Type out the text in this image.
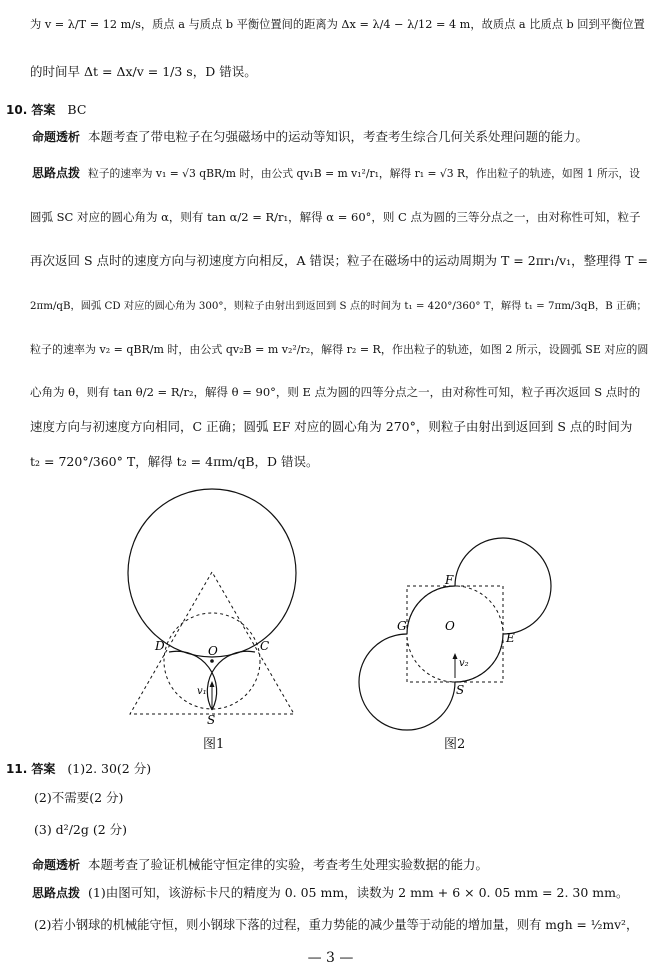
为 v = λ/T = 12 m/s，质点 a 与质点 b 平衡位置间的距离为 Δx = λ/4 − λ/12 = 4 m，故质点 a 比质点 b 回到平衡位置
的时间早 Δt = Δx/v = 1/3 s，D 错误。
10. 答案 BC
命题透析 本题考查了带电粒子在匀强磁场中的运动等知识，考查考生综合几何关系处理问题的能力。
思路点拨 粒子的速率为 v₁ = √3 qBR/m 时，由公式 qv₁B = m v₁²/r₁，解得 r₁ = √3 R，作出粒子的轨迹，如图 1 所示，设
圆弧 SC 对应的圆心角为 α，则有 tan α/2 = R/r₁，解得 α = 60°，则 C 点为圆的三等分点之一，由对称性可知，粒子
再次返回 S 点时的速度方向与初速度方向相反，A 错误；粒子在磁场中的运动周期为 T = 2πr₁/v₁，整理得 T =
2πm/qB，圆弧 CD 对应的圆心角为 300°，则粒子由射出到返回到 S 点的时间为 t₁ = 420°/360° T，解得 t₁ = 7πm/3qB，B 正确；
粒子的速率为 v₂ = qBR/m 时，由公式 qv₂B = m v₂²/r₂，解得 r₂ = R，作出粒子的轨迹，如图 2 所示，设圆弧 SE 对应的圆
心角为 θ，则有 tan θ/2 = R/r₂，解得 θ = 90°，则 E 点为圆的四等分点之一，由对称性可知，粒子再次返回 S 点时的
速度方向与初速度方向相同，C 正确；圆弧 EF 对应的圆心角为 270°，则粒子由射出到返回到 S 点的时间为
t₂ = 720°/360° T，解得 t₂ = 4πm/qB，D 错误。
D	C
O
S
v₁
图1
F
G	O
E
S
v₂
图2
11. 答案 (1)2. 30(2 分)
(2)不需要(2 分)
(3) d²/2g (2 分)
命题透析 本题考查了验证机械能守恒定律的实验，考查考生处理实验数据的能力。
思路点拨 (1)由图可知，该游标卡尺的精度为 0. 05 mm，读数为 2 mm + 6 × 0. 05 mm = 2. 30 mm。
(2)若小钢球的机械能守恒，则小钢球下落的过程，重力势能的减少量等于动能的增加量，则有 mgh = ½mv²，
— 3 —
